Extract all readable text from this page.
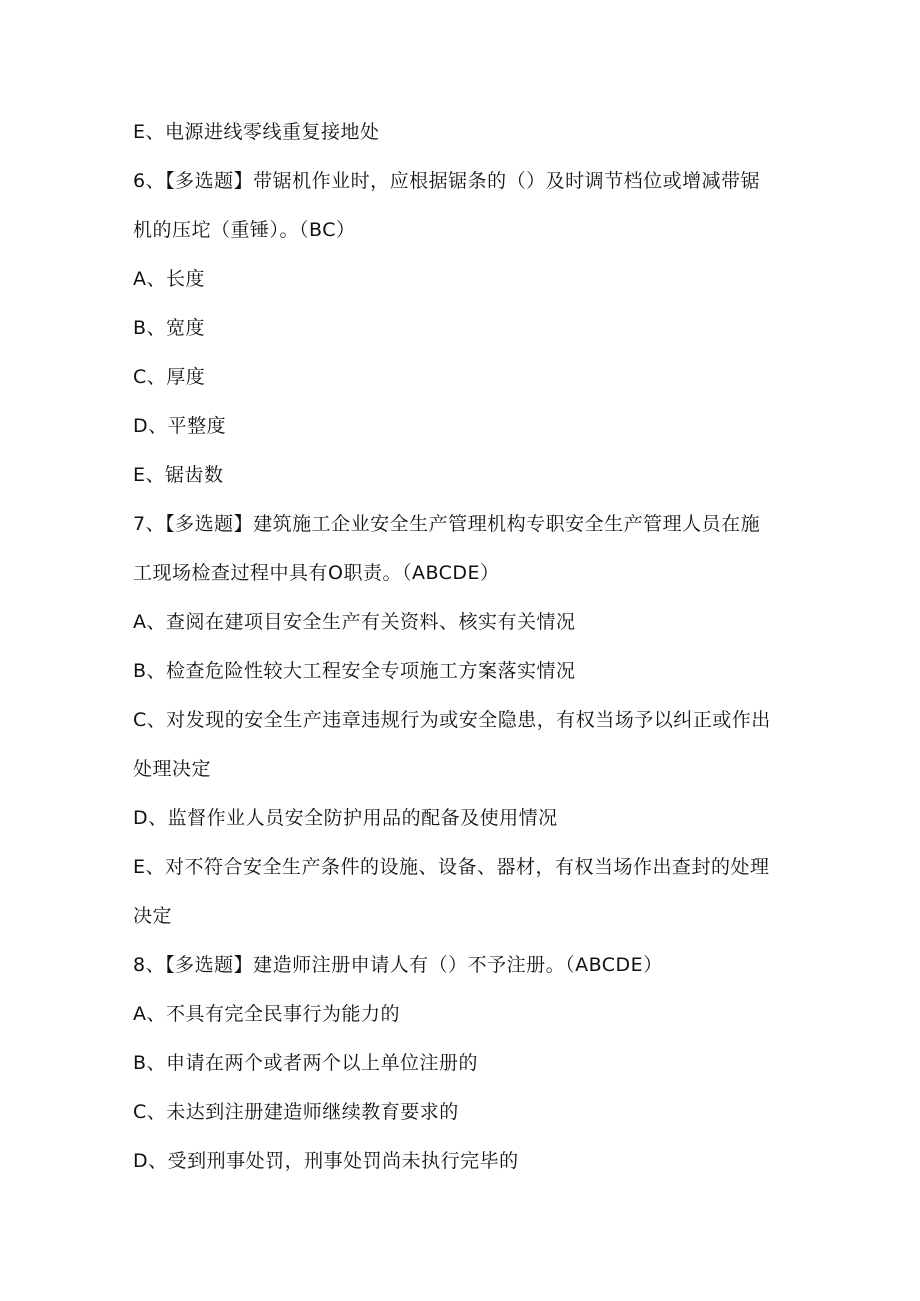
E、电源进线零线重复接地处
6、【多选题】带锯机作业时，应根据锯条的（）及时调节档位或增减带锯
机的压坨（重锤）。（BC）
A、长度
B、宽度
C、厚度
D、平整度
E、锯齿数
7、【多选题】建筑施工企业安全生产管理机构专职安全生产管理人员在施
工现场检查过程中具有O职责。（ABCDE）
A、查阅在建项目安全生产有关资料、核实有关情况
B、检查危险性较大工程安全专项施工方案落实情况
C、对发现的安全生产违章违规行为或安全隐患，有权当场予以纠正或作出
处理决定
D、监督作业人员安全防护用品的配备及使用情况
E、对不符合安全生产条件的设施、设备、器材，有权当场作出查封的处理
决定
8、【多选题】建造师注册申请人有（）不予注册。（ABCDE）
A、不具有完全民事行为能力的
B、申请在两个或者两个以上单位注册的
C、未达到注册建造师继续教育要求的
D、受到刑事处罚，刑事处罚尚未执行完毕的
